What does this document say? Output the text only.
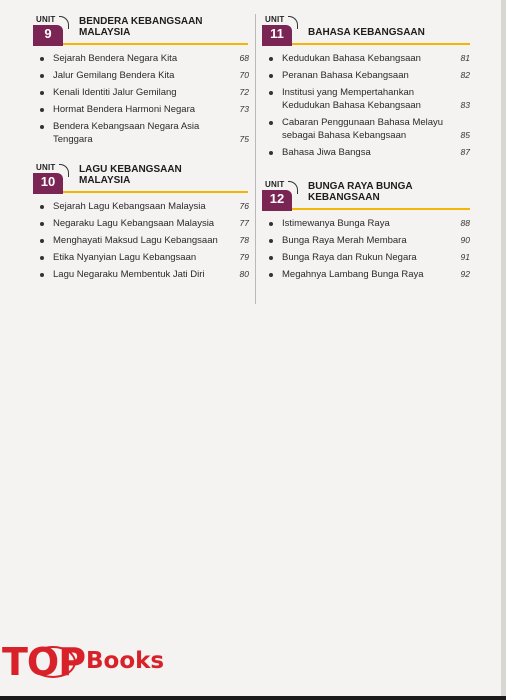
UNIT
9
BENDERA KEBANGSAAN MALAYSIA
Sejarah Bendera Negara Kita	68
Jalur Gemilang Bendera Kita	70
Kenali Identiti Jalur Gemilang	72
Hormat Bendera Harmoni Negara	73
Bendera Kebangsaan Negara Asia Tenggara	75
UNIT
10
LAGU KEBANGSAAN MALAYSIA
Sejarah Lagu Kebangsaan Malaysia	76
Negaraku Lagu Kebangsaan Malaysia	77
Menghayati Maksud Lagu Kebangsaan	78
Etika Nyanyian Lagu Kebangsaan	79
Lagu Negaraku Membentuk Jati Diri	80
UNIT
11	BAHASA KEBANGSAAN
Kedudukan Bahasa Kebangsaan	81
Peranan Bahasa Kebangsaan	82
Institusi yang Mempertahankan Kedudukan Bahasa Kebangsaan	83
Cabaran Penggunaan Bahasa Melayu sebagai Bahasa Kebangsaan	85
Bahasa Jiwa Bangsa	87
UNIT
12
BUNGA RAYA BUNGA KEBANGSAAN
Istimewanya Bunga Raya	88
Bunga Raya Merah Membara	90
Bunga Raya dan Rukun Negara	91
Megahnya Lambang Bunga Raya	92
TOP Books
